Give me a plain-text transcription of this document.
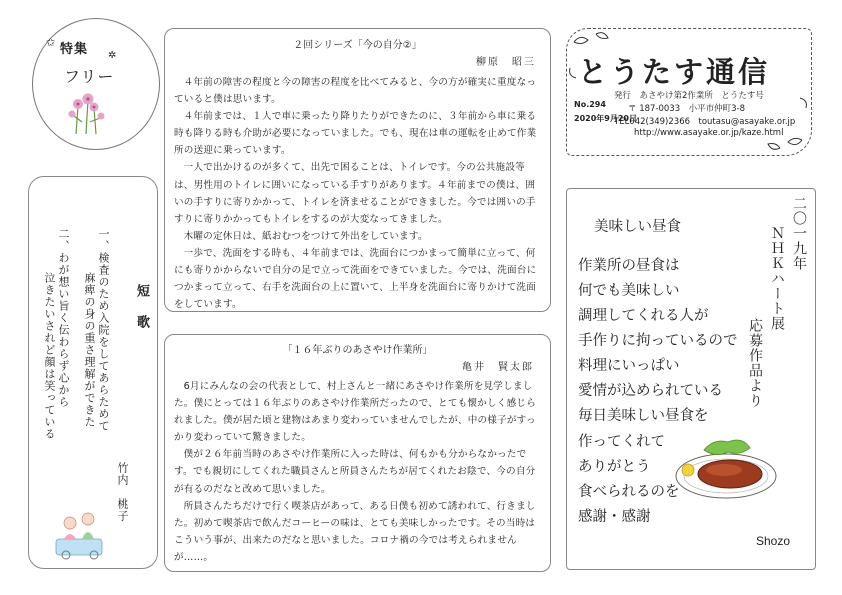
✩ 特集 ✲
フリー
短歌
一、検査のため入院をしてあらためて
麻痺の身の重さ理解ができた
二、わが想い旨く伝わらず心から
泣きたいされど顔は笑っている
竹内　桃子
２回シリーズ「今の自分②」
柳原　昭三

４年前の障害の程度と今の障害の程度を比べてみると、今の方が確実に重度なっていると僕は思います。

４年前までは、１人で車に乗ったり降りたりができたのに、３年前から車に乗る時も降りる時も介助が必要になっていました。でも、現在は車の運転を止めて作業所の送迎に乗っています。

一人で出かけるのが多くて、出先で困ることは、トイレです。今の公共施設等は、男性用のトイレに囲いになっている手すりがあります。４年前までの僕は、囲いの手すりに寄りかかって、トイレを済ませることができました。今では囲いの手すりに寄りかかってもトイレをするのが大変なってきました。

木曜の定休日は、紙おむつをつけて外出をしています。

一歩で、洗面をする時も、４年前までは、洗面台につかまって簡単に立って、何にも寄りかからないで自分の足で立って洗面をできていました。今では、洗面台につかまって立って、右手を洗面台の上に置いて、上半身を洗面台に寄りかけて洗面をしています。

「１６年ぶりのあさやけ作業所」
亀井　賢太郎

6月にみんなの会の代表として、村上さんと一緒にあさやけ作業所を見学しました。僕にとっては１６年ぶりのあさやけ作業所だったので、とても懐かしく感じられました。僕が居た頃と建物はあまり変わっていませんでしたが、中の様子がすっかり変わっていて驚きました。

僕が２６年前当時のあさやけ作業所に入った時は、何もかも分からなかったです。でも親切にしてくれた職員さんと所員さんたちが居てくれたお陰で、今の自分が有るのだなと改めて思いました。

所員さんたちだけで行く喫茶店があって、ある日僕も初めて誘われて、行きました。初めて喫茶店で飲んだコーヒーの味は、とても美味しかったです。その当時はこういう事が、出来たのだなと思いました。コロナ禍の今では考えられませんが……。

とうたす通信
No.294
2020年9月20日
発行　あさやけ第2作業所　とうたす号
〒 187-0033　小平市仲町3-8
TEL042(349)2366　toutasu@asayake.or.jp
http://www.asayake.or.jp/kaze.html
美味しい昼食
作業所の昼食は
何でも美味しい
調理してくれる人が
手作りに拘っているので
料理にいっぱい
愛情が込められている
毎日美味しい昼食を
作ってくれて
ありがとう
食べられるのを
感謝・感謝
二〇一九年
ＮＨＫハート展
応募作品より
Shozo
